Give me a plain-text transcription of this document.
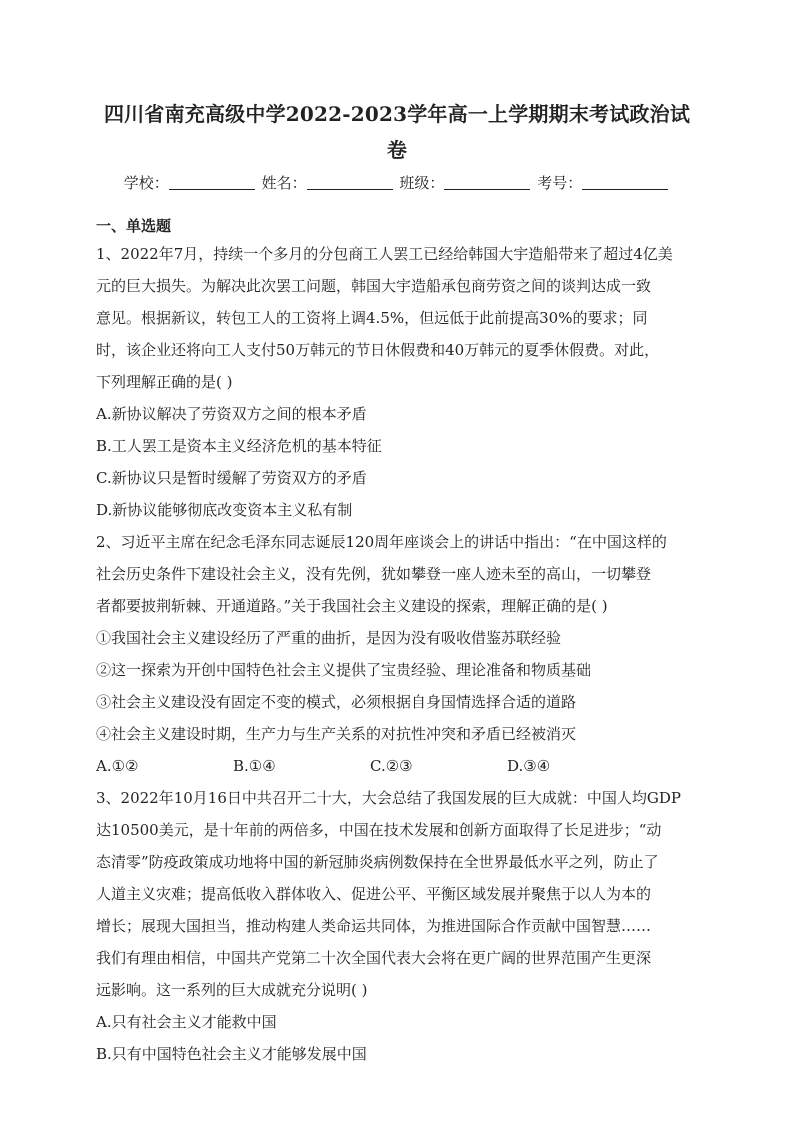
四川省南充高级中学2022-2023学年高一上学期期末考试政治试卷
学校：	姓名：	班级：	考号：
一、单选题

1、2022年7月，持续一个多月的分包商工人罢工已经给韩国大宇造船带来了超过4亿美

元的巨大损失。为解决此次罢工问题，韩国大宇造船承包商劳资之间的谈判达成一致

意见。根据新议，转包工人的工资将上调4.5%，但远低于此前提高30%的要求；同

时，该企业还将向工人支付50万韩元的节日休假费和40万韩元的夏季休假费。对此，

下列理解正确的是( )

A.新协议解决了劳资双方之间的根本矛盾

B.工人罢工是资本主义经济危机的基本特征

C.新协议只是暂时缓解了劳资双方的矛盾

D.新协议能够彻底改变资本主义私有制

2、习近平主席在纪念毛泽东同志诞辰120周年座谈会上的讲话中指出：“在中国这样的

社会历史条件下建设社会主义，没有先例，犹如攀登一座人迹未至的高山，一切攀登

者都要披荆斩棘、开通道路。”关于我国社会主义建设的探索，理解正确的是( )

①我国社会主义建设经历了严重的曲折，是因为没有吸收借鉴苏联经验

②这一探索为开创中国特色社会主义提供了宝贵经验、理论准备和物质基础

③社会主义建设没有固定不变的模式，必须根据自身国情选择合适的道路

④社会主义建设时期，生产力与生产关系的对抗性冲突和矛盾已经被消灭

A.①②	B.①④	C.②③	D.③④

3、2022年10月16日中共召开二十大，大会总结了我国发展的巨大成就：中国人均GDP

达10500美元，是十年前的两倍多，中国在技术发展和创新方面取得了长足进步；“动

态清零”防疫政策成功地将中国的新冠肺炎病例数保持在全世界最低水平之列，防止了

人道主义灾难；提高低收入群体收入、促进公平、平衡区域发展并聚焦于以人为本的

增长；展现大国担当，推动构建人类命运共同体，为推进国际合作贡献中国智慧……

我们有理由相信，中国共产党第二十次全国代表大会将在更广阔的世界范围产生更深

远影响。这一系列的巨大成就充分说明( )

A.只有社会主义才能救中国

B.只有中国特色社会主义才能够发展中国
